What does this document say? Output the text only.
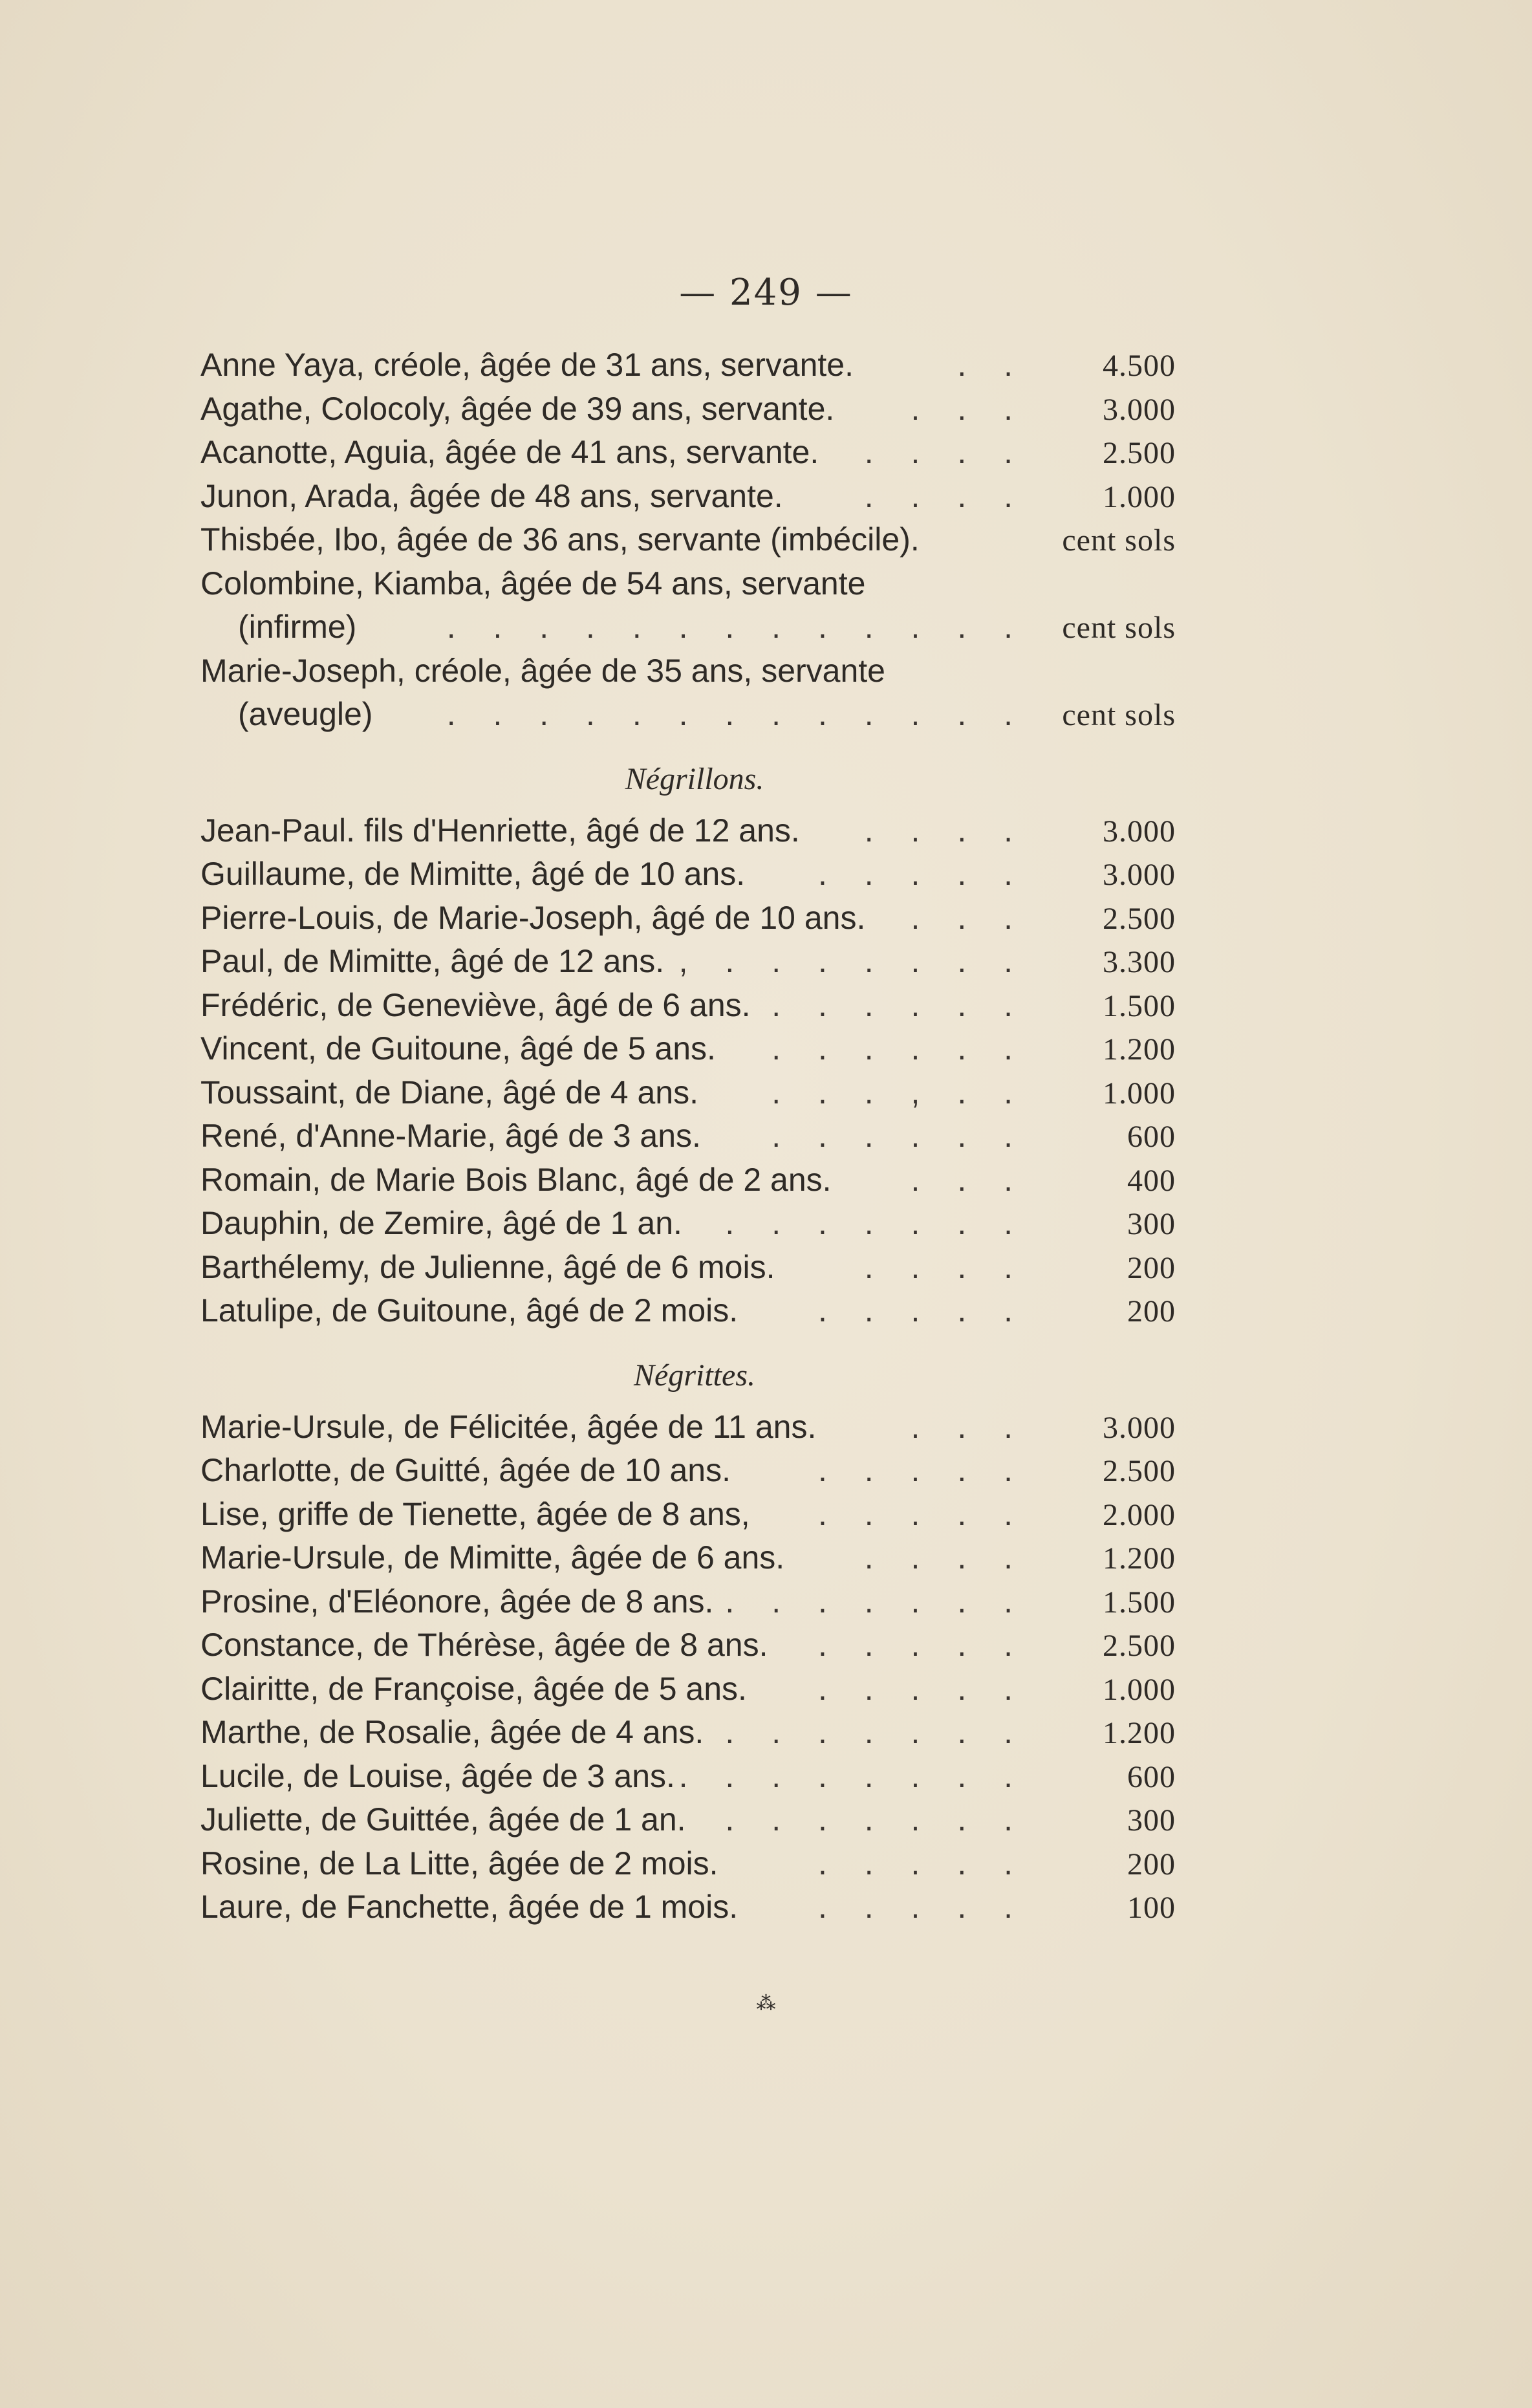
— 249 —
Anne Yaya, créole, âgée de 31 ans, servante.	. .	4.500
Agathe, Colocoly, âgée de 39 ans, servante.	. . .	3.000
Acanotte, Aguia, âgée de 41 ans, servante.	. . . .	2.500
Junon, Arada, âgée de 48 ans, servante.	. . . .	1.000
Thisbée, Ibo, âgée de 36 ans, servante (imbécile).	cent sols
Colombine, Kiamba, âgée de 54 ans, servante
(infirme)	. . . . . . . . . . . . .	cent sols
Marie-Joseph, créole, âgée de 35 ans, servante
(aveugle)	. . . . . . . . . . . . .	cent sols
Négrillons.
Jean-Paul. fils d'Henriette, âgé de 12 ans.	. . . .	3.000
Guillaume, de Mimitte, âgé de 10 ans.	. . . . .	3.000
Pierre-Louis, de Marie-Joseph, âgé de 10 ans.	. . .	2.500
Paul, de Mimitte, âgé de 12 ans. , . . . . . . .	3.300
Frédéric, de Geneviève, âgé de 6 ans. . . . . . .	1.500
Vincent, de Guitoune, âgé de 5 ans.	. . . . . .	1.200
Toussaint, de Diane, âgé de 4 ans.	. . . , . .	1.000
René, d'Anne-Marie, âgé de 3 ans.	. . . . . .	600
Romain, de Marie Bois Blanc, âgé de 2 ans.	. . .	400
Dauphin, de Zemire, âgé de 1 an.	. . . . . . .	300
Barthélemy, de Julienne, âgé de 6 mois.	. . . .	200
Latulipe, de Guitoune, âgé de 2 mois.	. . . . .	200
Négrittes.
Marie-Ursule, de Félicitée, âgée de 11 ans.	. . .	3.000
Charlotte, de Guitté, âgée de 10 ans.	. . . . .	2.500
Lise, griffe de Tienette, âgée de 8 ans,	. . . . .	2.000
Marie-Ursule, de Mimitte, âgée de 6 ans.	. . . .	1.200
Prosine, d'Eléonore, âgée de 8 ans. . . . . . . .	1.500
Constance, de Thérèse, âgée de 8 ans.	. . . . .	2.500
Clairitte, de Françoise, âgée de 5 ans.	. . . . .	1.000
Marthe, de Rosalie, âgée de 4 ans. . . . . . . .	1.200
Lucile, de Louise, âgée de 3 ans. . . . . . . . .	600
Juliette, de Guittée, âgée de 1 an.	. . . . . . .	300
Rosine, de La Litte, âgée de 2 mois.	. . . . .	200
Laure, de Fanchette, âgée de 1 mois.	. . . . .	100
⁂
